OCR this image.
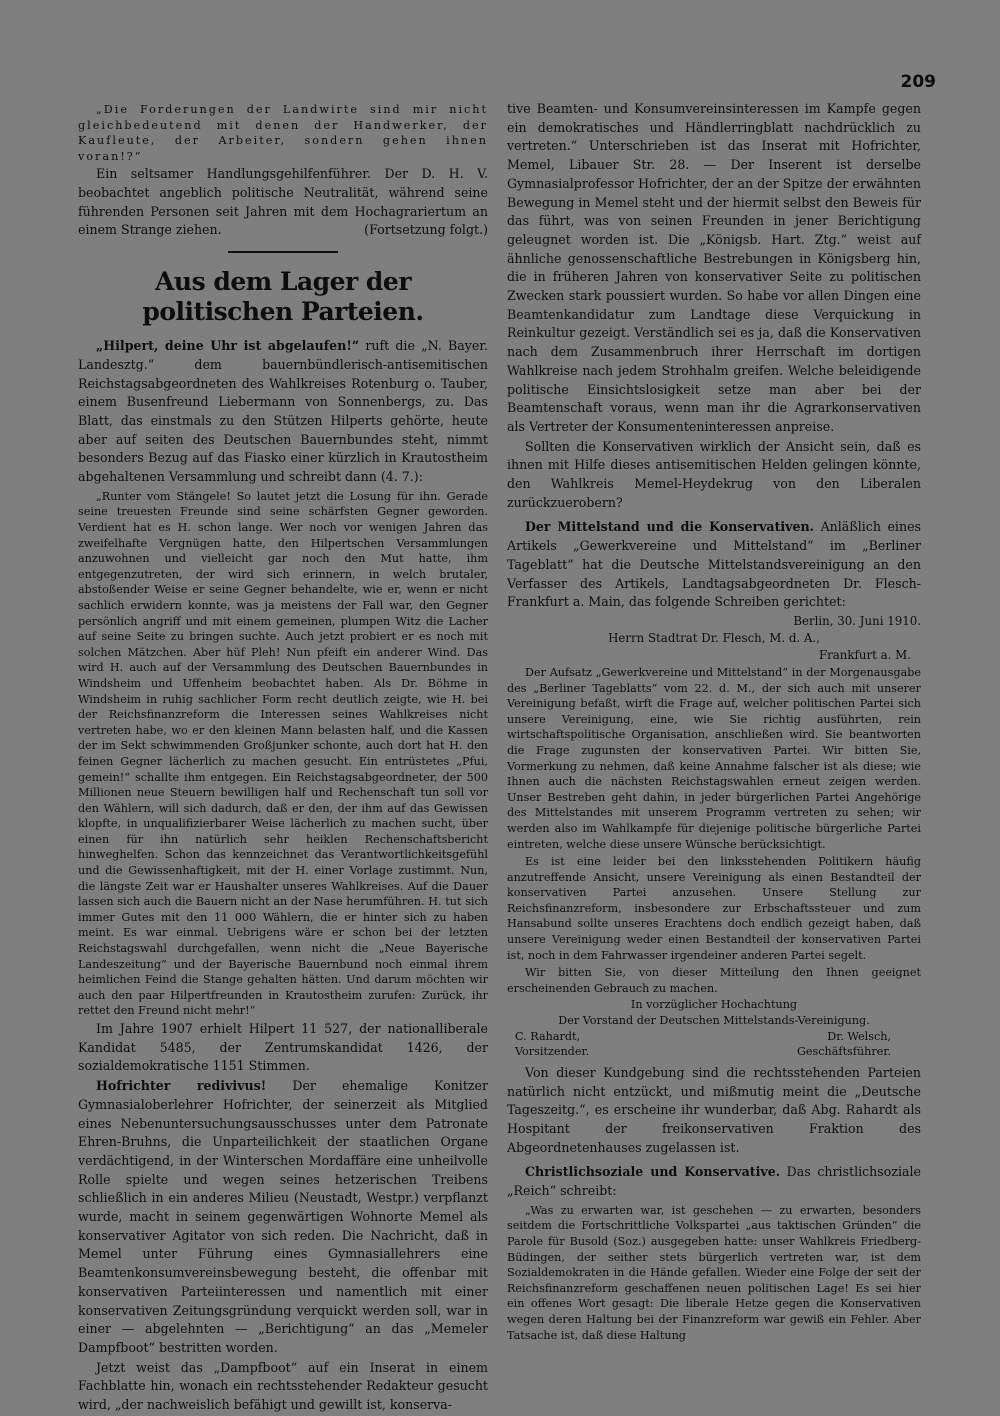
209

„Die Forderungen der Landwirte sind mir nicht gleichbedeutend mit denen der Handwerker, der Kaufleute, der Arbeiter, sondern gehen ihnen voran!?“

Ein seltsamer Handlungsgehilfenführer. Der D. H. V. beobachtet angeblich politische Neutralität, während seine führenden Personen seit Jahren mit dem Hochagrariertum an einem Strange ziehen.	(Fortsetzung folgt.)

Aus dem Lager der politischen Parteien.

„Hilpert, deine Uhr ist abgelaufen!“ ruft die „N. Bayer. Landesztg.“ dem bauernbündlerisch-antisemitischen Reichstagsabgeordneten des Wahlkreises Rotenburg o. Tauber, einem Busenfreund Liebermann von Sonnenbergs, zu. Das Blatt, das einstmals zu den Stützen Hilperts gehörte, heute aber auf seiten des Deutschen Bauernbundes steht, nimmt besonders Bezug auf das Fiasko einer kürzlich in Krautostheim abgehaltenen Versammlung und schreibt dann (4. 7.):

„Runter vom Stängele! So lautet jetzt die Losung für ihn. Gerade seine treuesten Freunde sind seine schärfsten Gegner geworden. Verdient hat es H. schon lange. Wer noch vor wenigen Jahren das zweifelhafte Vergnügen hatte, den Hilpertschen Versammlungen anzuwohnen und vielleicht gar noch den Mut hatte, ihm entgegenzutreten, der wird sich erinnern, in welch brutaler, abstoßender Weise er seine Gegner behandelte, wie er, wenn er nicht sachlich erwidern konnte, was ja meistens der Fall war, den Gegner persönlich angriff und mit einem gemeinen, plumpen Witz die Lacher auf seine Seite zu bringen suchte. Auch jetzt probiert er es noch mit solchen Mätzchen. Aber hüf Pleh! Nun pfeift ein anderer Wind. Das wird H. auch auf der Versammlung des Deutschen Bauernbundes in Windsheim und Uffenheim beobachtet haben. Als Dr. Böhme in Windsheim in ruhig sachlicher Form recht deutlich zeigte, wie H. bei der Reichsfinanzreform die Interessen seines Wahlkreises nicht vertreten habe, wo er den kleinen Mann belasten half, und die Kassen der im Sekt schwimmenden Großjunker schonte, auch dort hat H. den feinen Gegner lächerlich zu machen gesucht. Ein entrüstetes „Pfui, gemein!“ schallte ihm entgegen. Ein Reichstagsabgeordneter, der 500 Millionen neue Steuern bewilligen half und Rechenschaft tun soll vor den Wählern, will sich dadurch, daß er den, der ihm auf das Gewissen klopfte, in unqualifizierbarer Weise lächerlich zu machen sucht, über einen für ihn natürlich sehr heiklen Rechenschaftsbericht hinweghelfen. Schon das kennzeichnet das Verantwortlichkeitsgefühl und die Gewissenhaftigkeit, mit der H. einer Vorlage zustimmt. Nun, die längste Zeit war er Haushalter unseres Wahlkreises. Auf die Dauer lassen sich auch die Bauern nicht an der Nase herumführen. H. tut sich immer Gutes mit den 11 000 Wählern, die er hinter sich zu haben meint. Es war einmal. Uebrigens wäre er schon bei der letzten Reichstagswahl durchgefallen, wenn nicht die „Neue Bayerische Landeszeitung“ und der Bayerische Bauernbund noch einmal ihrem heimlichen Feind die Stange gehalten hätten. Und darum möchten wir auch den paar Hilpertfreunden in Krautostheim zurufen: Zurück, ihr rettet den Freund nicht mehr!“

Im Jahre 1907 erhielt Hilpert 11 527, der nationalliberale Kandidat 5485, der Zentrumskandidat 1426, der sozialdemokratische 1151 Stimmen.

Hofrichter redivivus! Der ehemalige Konitzer Gymnasialoberlehrer Hofrichter, der seinerzeit als Mitglied eines Nebenuntersuchungsausschusses unter dem Patronate Ehren-Bruhns, die Unparteilichkeit der staatlichen Organe verdächtigend, in der Winterschen Mordaffäre eine unheilvolle Rolle spielte und wegen seines hetzerischen Treibens schließlich in ein anderes Milieu (Neustadt, Westpr.) verpflanzt wurde, macht in seinem gegenwärtigen Wohnorte Memel als konservativer Agitator von sich reden. Die Nachricht, daß in Memel unter Führung eines Gymnasiallehrers eine Beamtenkonsumvereinsbewegung besteht, die offenbar mit konservativen Parteiinteressen und namentlich mit einer konservativen Zeitungsgründung verquickt werden soll, war in einer — abgelehnten — „Berichtigung“ an das „Memeler Dampfboot“ bestritten worden.

Jetzt weist das „Dampfboot“ auf ein Inserat in einem Fachblatte hin, wonach ein rechtsstehender Redakteur gesucht wird, „der nachweislich befähigt und gewillt ist, konserva-

tive Beamten- und Konsumvereinsinteressen im Kampfe gegen ein demokratisches und Händlerringblatt nachdrücklich zu vertreten.“ Unterschrieben ist das Inserat mit Hofrichter, Memel, Libauer Str. 28. — Der Inserent ist derselbe Gymnasialprofessor Hofrichter, der an der Spitze der erwähnten Bewegung in Memel steht und der hiermit selbst den Beweis für das führt, was von seinen Freunden in jener Berichtigung geleugnet worden ist. Die „Königsb. Hart. Ztg.“ weist auf ähnliche genossenschaftliche Bestrebungen in Königsberg hin, die in früheren Jahren von konservativer Seite zu politischen Zwecken stark poussiert wurden. So habe vor allen Dingen eine Beamtenkandidatur zum Landtage diese Verquickung in Reinkultur gezeigt. Verständlich sei es ja, daß die Konservativen nach dem Zusammenbruch ihrer Herrschaft im dortigen Wahlkreise nach jedem Strohhalm greifen. Welche beleidigende politische Einsichtslosigkeit setze man aber bei der Beamtenschaft voraus, wenn man ihr die Agrarkonservativen als Vertreter der Konsumenteninteressen anpreise.

Sollten die Konservativen wirklich der Ansicht sein, daß es ihnen mit Hilfe dieses antisemitischen Helden gelingen könnte, den Wahlkreis Memel-Heydekrug von den Liberalen zurückzuerobern?

Der Mittelstand und die Konservativen. Anläßlich eines Artikels „Gewerkvereine und Mittelstand“ im „Berliner Tageblatt“ hat die Deutsche Mittelstandsvereinigung an den Verfasser des Artikels, Landtagsabgeordneten Dr. Flesch-Frankfurt a. Main, das folgende Schreiben gerichtet:

Berlin, 30. Juni 1910.

Herrn Stadtrat Dr. Flesch, M. d. A.,

Frankfurt a. M.

Der Aufsatz „Gewerkvereine und Mittelstand“ in der Morgenausgabe des „Berliner Tageblatts“ vom 22. d. M., der sich auch mit unserer Vereinigung befaßt, wirft die Frage auf, welcher politischen Partei sich unsere Vereinigung, eine, wie Sie richtig ausführten, rein wirtschaftspolitische Organisation, anschließen wird. Sie beantworten die Frage zugunsten der konservativen Partei. Wir bitten Sie, Vormerkung zu nehmen, daß keine Annahme falscher ist als diese; wie Ihnen auch die nächsten Reichstagswahlen erneut zeigen werden. Unser Bestreben geht dahin, in jeder bürgerlichen Partei Angehörige des Mittelstandes mit unserem Programm vertreten zu sehen; wir werden also im Wahlkampfe für diejenige politische bürgerliche Partei eintreten, welche diese unsere Wünsche berücksichtigt.

Es ist eine leider bei den linksstehenden Politikern häufig anzutreffende Ansicht, unsere Vereinigung als einen Bestandteil der konservativen Partei anzusehen. Unsere Stellung zur Reichsfinanzreform, insbesondere zur Erbschaftssteuer und zum Hansabund sollte unseres Erachtens doch endlich gezeigt haben, daß unsere Vereinigung weder einen Bestandteil der konservativen Partei ist, noch in dem Fahrwasser irgendeiner anderen Partei segelt.

Wir bitten Sie, von dieser Mitteilung den Ihnen geeignet erscheinenden Gebrauch zu machen.

In vorzüglicher Hochachtung
Der Vorstand der Deutschen Mittelstands-Vereinigung.
C. Rahardt,	Dr. Welsch,
Vorsitzender.	Geschäftsführer.

Von dieser Kundgebung sind die rechtsstehenden Parteien natürlich nicht entzückt, und mißmutig meint die „Deutsche Tageszeitg.“, es erscheine ihr wunderbar, daß Abg. Rahardt als Hospitant der freikonservativen Fraktion des Abgeordnetenhauses zugelassen ist.

Christlichsoziale und Konservative. Das christlichsoziale „Reich“ schreibt:

„Was zu erwarten war, ist geschehen — zu erwarten, besonders seitdem die Fortschrittliche Volkspartei „aus taktischen Gründen“ die Parole für Busold (Soz.) ausgegeben hatte: unser Wahlkreis Friedberg-Büdingen, der seither stets bürgerlich vertreten war, ist dem Sozialdemokraten in die Hände gefallen. Wieder eine Folge der seit der Reichsfinanzreform geschaffenen neuen politischen Lage! Es sei hier ein offenes Wort gesagt: Die liberale Hetze gegen die Konservativen wegen deren Haltung bei der Finanzreform war gewiß ein Fehler. Aber Tatsache ist, daß diese Haltung
